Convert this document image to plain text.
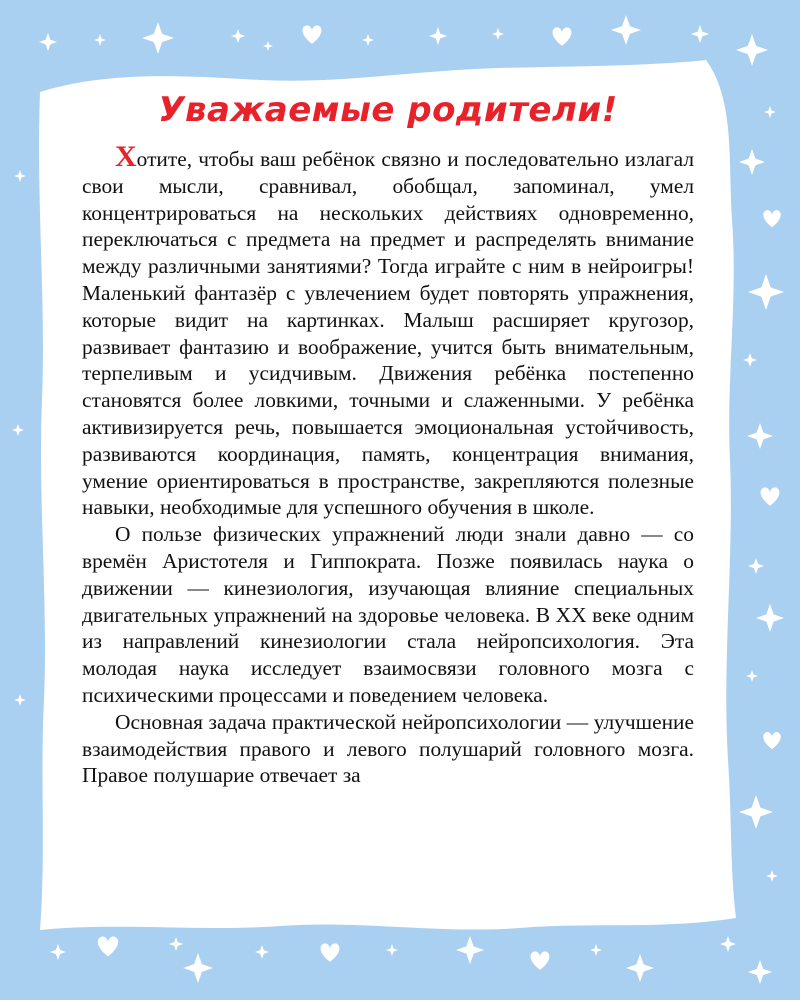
Уважаемые родители!

Хотите, чтобы ваш ребёнок связно и последовательно излагал свои мысли, сравнивал, обобщал, запоминал, умел концентрироваться на нескольких действиях одновременно, переключаться с предмета на предмет и распределять внимание между различными занятиями? Тогда играйте с ним в нейроигры! Маленький фантазёр с увлечением будет повторять упражнения, которые видит на картинках. Малыш расширяет кругозор, развивает фантазию и воображение, учится быть внимательным, терпеливым и усидчивым. Движения ребёнка постепенно становятся более ловкими, точными и слаженными. У ребёнка активизируется речь, повышается эмоциональная устойчивость, развиваются координация, память, концентрация внимания, умение ориентироваться в пространстве, закрепляются полезные навыки, необходимые для успешного обучения в школе.

О пользе физических упражнений люди знали давно — со времён Аристотеля и Гиппократа. Позже появилась наука о движении — кинезиология, изучающая влияние специальных двигательных упражнений на здоровье человека. В XX веке одним из направлений кинезиологии стала нейропсихология. Эта молодая наука исследует взаимосвязи головного мозга с психическими процессами и поведением человека.

Основная задача практической нейропсихологии — улучшение взаимодействия правого и левого полушарий головного мозга. Правое полушарие отвечает за
